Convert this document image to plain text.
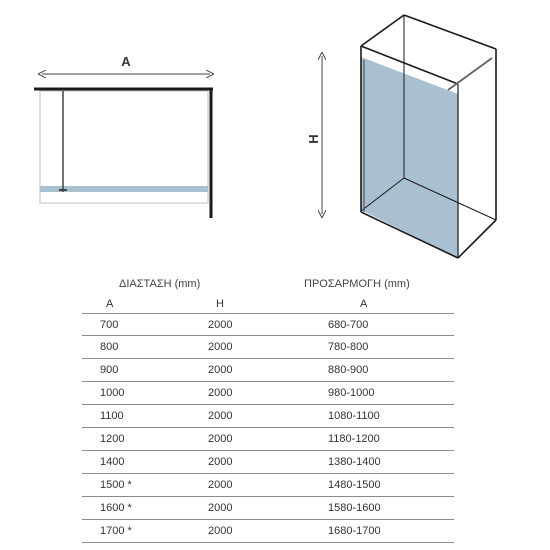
A
H
ΔΙΑΣΤΑΣΗ (mm)	ΠΡΟΣΑΡΜΟΓΗ (mm)
A	H	A
700	2000	680-700
800	2000	780-800
900	2000	880-900
1000	2000	980-1000
1100	2000	1080-1100
1200	2000	1180-1200
1400	2000	1380-1400
1500 *	2000	1480-1500
1600 *	2000	1580-1600
1700 *	2000	1680-1700
